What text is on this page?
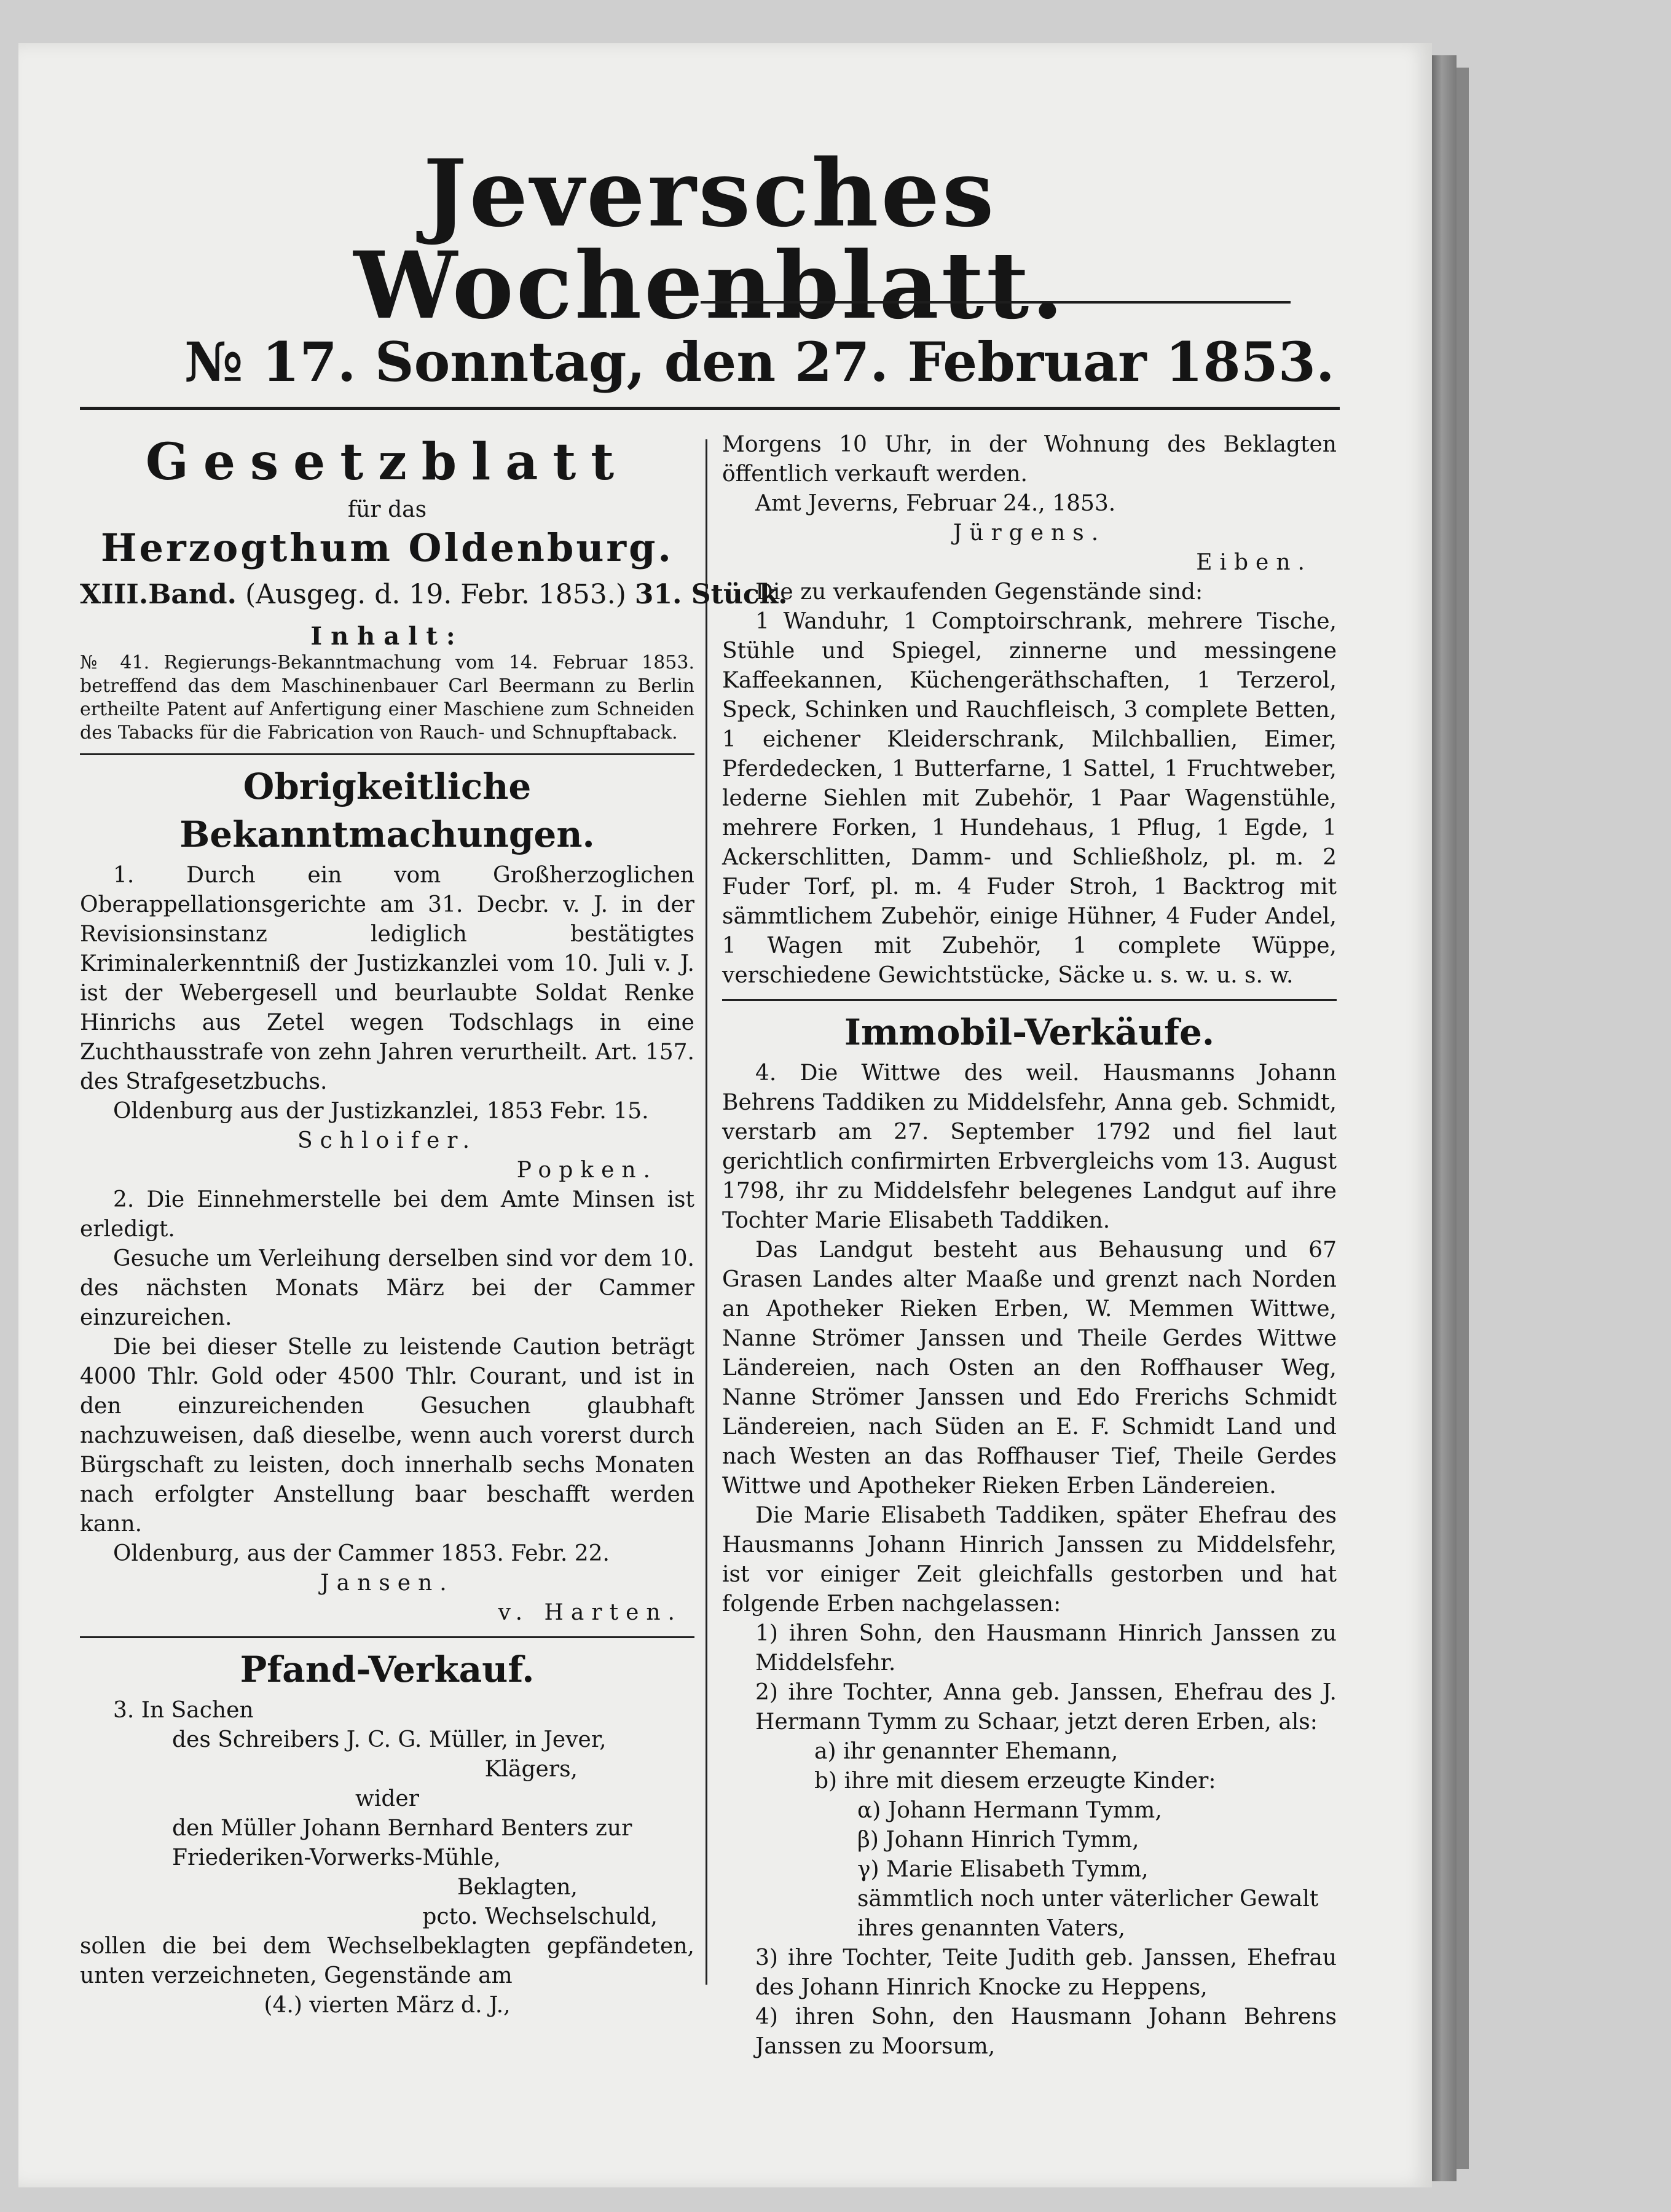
Jeversches Wochenblatt.
№ 17. Sonntag, den 27. Februar 1853.
Gesetzblatt
für das
Herzogthum Oldenburg.
XIII.Band. (Ausgeg. d. 19. Febr. 1853.) 31. Stück.
Inhalt:

№ 41. Regierungs-Bekanntmachung vom 14. Februar 1853. betreffend das dem Maschinenbauer Carl Beermann zu Berlin ertheilte Patent auf Anfertigung einer Maschiene zum Schneiden des Tabacks für die Fabrication von Rauch- und Schnupftaback.

Obrigkeitliche Bekanntmachungen.

1. Durch ein vom Großherzoglichen Oberappellationsgerichte am 31. Decbr. v. J. in der Revisionsinstanz lediglich bestätigtes Kriminalerkenntniß der Justizkanzlei vom 10. Juli v. J. ist der Webergesell und beurlaubte Soldat Renke Hinrichs aus Zetel wegen Todschlags in eine Zuchthausstrafe von zehn Jahren verurtheilt. Art. 157. des Strafgesetzbuchs.

Oldenburg aus der Justizkanzlei, 1853 Febr. 15.

Schloifer.

Popken.

2. Die Einnehmerstelle bei dem Amte Minsen ist erledigt.

Gesuche um Verleihung derselben sind vor dem 10. des nächsten Monats März bei der Cammer einzureichen.

Die bei dieser Stelle zu leistende Caution beträgt 4000 Thlr. Gold oder 4500 Thlr. Courant, und ist in den einzureichenden Gesuchen glaubhaft nachzuweisen, daß dieselbe, wenn auch vorerst durch Bürgschaft zu leisten, doch innerhalb sechs Monaten nach erfolgter Anstellung baar beschafft werden kann.

Oldenburg, aus der Cammer 1853. Febr. 22.

Jansen.

v. Harten.

Pfand-Verkauf.

3. In Sachen

des Schreibers J. C. G. Müller, in Jever,

Klägers,

wider

den Müller Johann Bernhard Benters zur

Friederiken-Vorwerks-Mühle,

Beklagten,

pcto. Wechselschuld,

sollen die bei dem Wechselbeklagten gepfändeten, unten verzeichneten, Gegenstände am

(4.) vierten März d. J.,

Morgens 10 Uhr, in der Wohnung des Beklagten öffentlich verkauft werden.

Amt Jeverns, Februar 24., 1853.

Jürgens.

Eiben.

Die zu verkaufenden Gegenstände sind:

1 Wanduhr, 1 Comptoirschrank, mehrere Tische, Stühle und Spiegel, zinnerne und messingene Kaffeekannen, Küchengeräthschaften, 1 Terzerol, Speck, Schinken und Rauchfleisch, 3 complete Betten, 1 eichener Kleiderschrank, Milchballien, Eimer, Pferdedecken, 1 Butterfarne, 1 Sattel, 1 Fruchtweber, lederne Siehlen mit Zubehör, 1 Paar Wagenstühle, mehrere Forken, 1 Hundehaus, 1 Pflug, 1 Egde, 1 Ackerschlitten, Damm- und Schließholz, pl. m. 2 Fuder Torf, pl. m. 4 Fuder Stroh, 1 Backtrog mit sämmtlichem Zubehör, einige Hühner, 4 Fuder Andel, 1 Wagen mit Zubehör, 1 complete Wüppe, verschiedene Gewichtstücke, Säcke u. s. w. u. s. w.

Immobil-Verkäufe.

4. Die Wittwe des weil. Hausmanns Johann Behrens Taddiken zu Middelsfehr, Anna geb. Schmidt, verstarb am 27. September 1792 und fiel laut gerichtlich confirmirten Erbvergleichs vom 13. August 1798, ihr zu Middelsfehr belegenes Landgut auf ihre Tochter Marie Elisabeth Taddiken.

Das Landgut besteht aus Behausung und 67 Grasen Landes alter Maaße und grenzt nach Norden an Apotheker Rieken Erben, W. Memmen Wittwe, Nanne Strömer Janssen und Theile Gerdes Wittwe Ländereien, nach Osten an den Roffhauser Weg, Nanne Strömer Janssen und Edo Frerichs Schmidt Ländereien, nach Süden an E. F. Schmidt Land und nach Westen an das Roffhauser Tief, Theile Gerdes Wittwe und Apotheker Rieken Erben Ländereien.

Die Marie Elisabeth Taddiken, später Ehefrau des Hausmanns Johann Hinrich Janssen zu Middelsfehr, ist vor einiger Zeit gleichfalls gestorben und hat folgende Erben nachgelassen:

1) ihren Sohn, den Hausmann Hinrich Janssen zu Middelsfehr.

2) ihre Tochter, Anna geb. Janssen, Ehefrau des J. Hermann Tymm zu Schaar, jetzt deren Erben, als:

a) ihr genannter Ehemann,

b) ihre mit diesem erzeugte Kinder:

α) Johann Hermann Tymm,

β) Johann Hinrich Tymm,

γ) Marie Elisabeth Tymm,

sämmtlich noch unter väterlicher Gewalt ihres genannten Vaters,

3) ihre Tochter, Teite Judith geb. Janssen, Ehefrau des Johann Hinrich Knocke zu Heppens,

4) ihren Sohn, den Hausmann Johann Behrens Janssen zu Moorsum,
